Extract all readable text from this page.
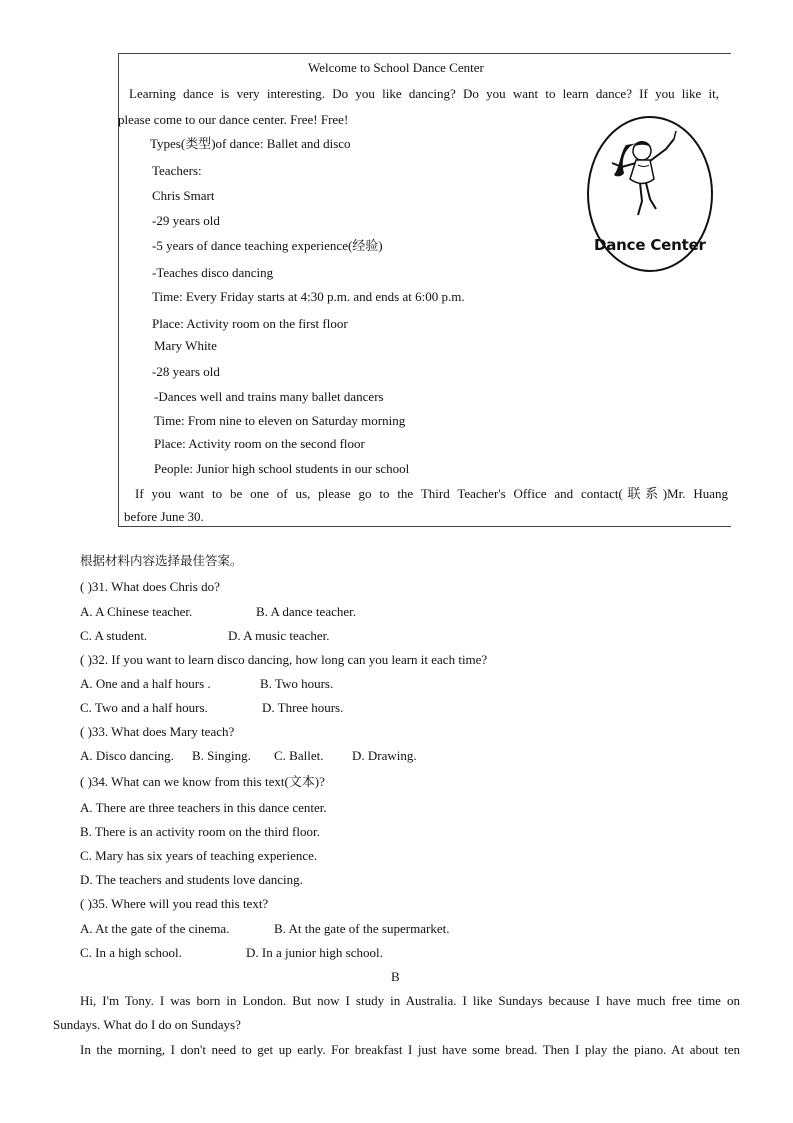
Welcome to School Dance Center
Learning dance is very interesting. Do you like dancing? Do you want to learn dance? If you like it,
please come to our dance center. Free! Free!
Types(类型)of dance: Ballet and disco
Teachers:
Chris Smart
-29 years old
-5 years of dance teaching experience(经验)
-Teaches disco dancing
Time: Every Friday starts at 4:30 p.m. and ends at 6:00 p.m.
Place: Activity room on the first floor
Mary White
-28 years old
-Dances well and trains many ballet dancers
Time: From nine to eleven on Saturday morning
Place: Activity room on the second floor
People: Junior high school students in our school
If you want to be one of us, please go to the Third Teacher's Office and contact(联系)Mr. Huang
before June 30.
Dance Center
根据材料内容选择最佳答案。
( )31. What does Chris do?
A. A Chinese teacher.	B. A dance teacher.
C. A student.	D. A music teacher.
( )32. If you want to learn disco dancing, how long can you learn it each time?
A. One and a half hours .	B. Two hours.
C. Two and a half hours.	D. Three hours.
( )33. What does Mary teach?
A. Disco dancing. B. Singing. C. Ballet. D. Drawing.
( )34. What can we know from this text(文本)?
A. There are three teachers in this dance center.
B. There is an activity room on the third floor.
C. Mary has six years of teaching experience.
D. The teachers and students love dancing.
( )35. Where will you read this text?
A. At the gate of the cinema.	B. At the gate of the supermarket.
C. In a high school.	D. In a junior high school.
B
Hi, I'm Tony. I was born in London. But now I study in Australia. I like Sundays because I have much free time on
Sundays. What do I do on Sundays?
In the morning, I don't need to get up early. For breakfast I just have some bread. Then I play the piano. At about ten
